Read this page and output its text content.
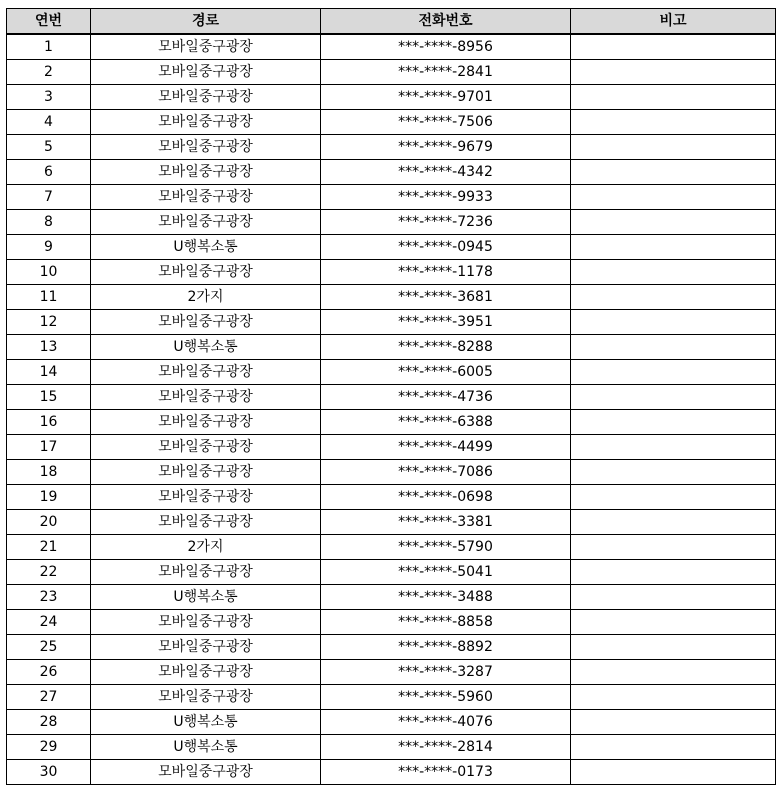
연번	경로	전화번호	비고
1	모바일중구광장	***-****-8956	
2	모바일중구광장	***-****-2841	
3	모바일중구광장	***-****-9701	
4	모바일중구광장	***-****-7506	
5	모바일중구광장	***-****-9679	
6	모바일중구광장	***-****-4342	
7	모바일중구광장	***-****-9933	
8	모바일중구광장	***-****-7236	
9	U행복소통	***-****-0945	
10	모바일중구광장	***-****-1178	
11	2가지	***-****-3681	
12	모바일중구광장	***-****-3951	
13	U행복소통	***-****-8288	
14	모바일중구광장	***-****-6005	
15	모바일중구광장	***-****-4736	
16	모바일중구광장	***-****-6388	
17	모바일중구광장	***-****-4499	
18	모바일중구광장	***-****-7086	
19	모바일중구광장	***-****-0698	
20	모바일중구광장	***-****-3381	
21	2가지	***-****-5790	
22	모바일중구광장	***-****-5041	
23	U행복소통	***-****-3488	
24	모바일중구광장	***-****-8858	
25	모바일중구광장	***-****-8892	
26	모바일중구광장	***-****-3287	
27	모바일중구광장	***-****-5960	
28	U행복소통	***-****-4076	
29	U행복소통	***-****-2814	
30	모바일중구광장	***-****-0173	
